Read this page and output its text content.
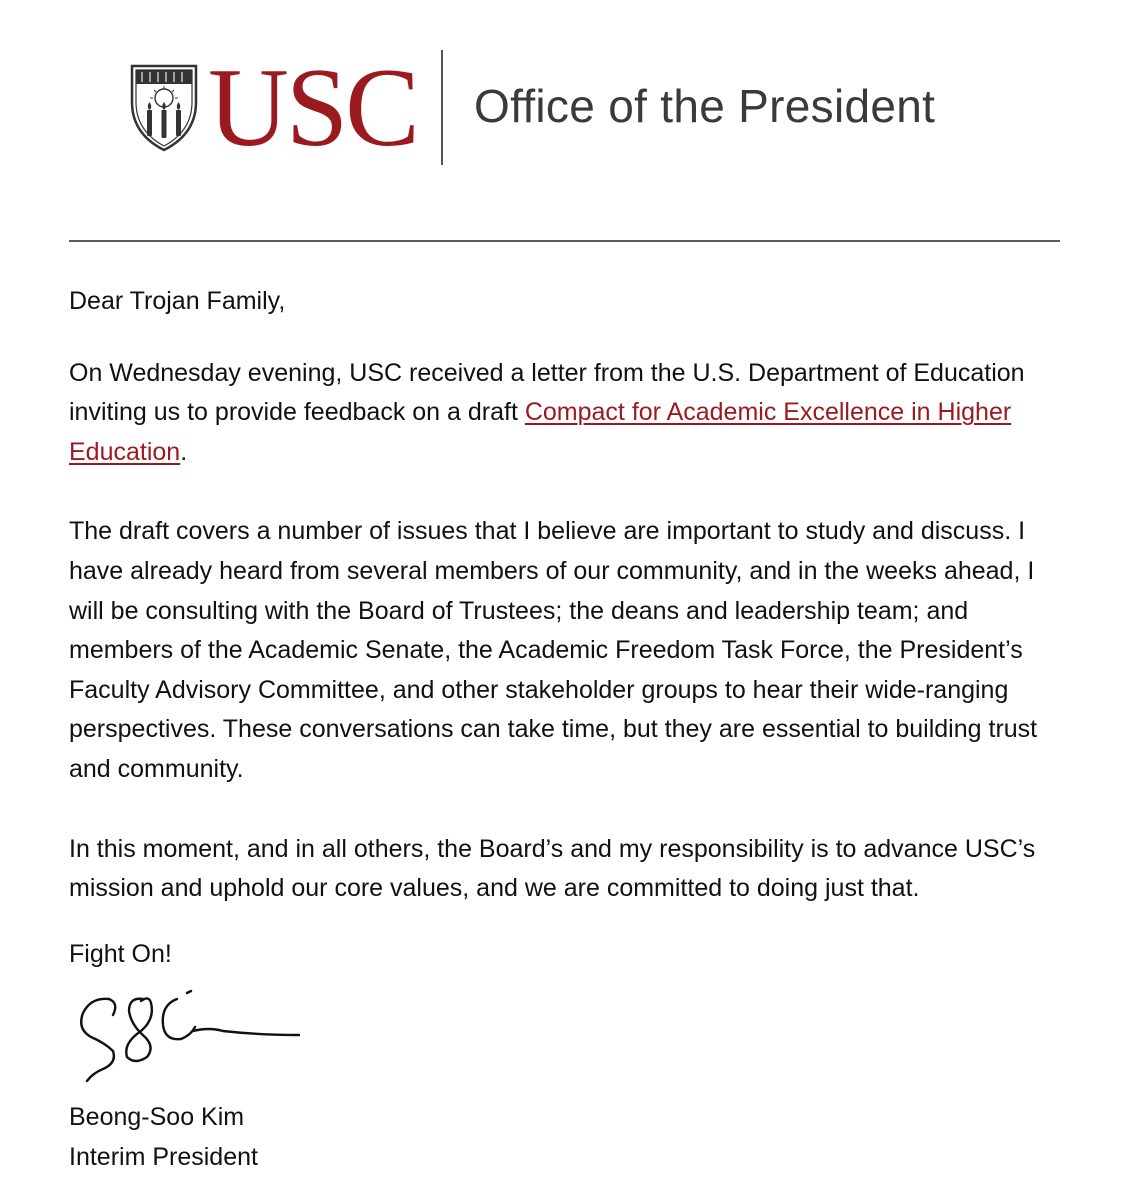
USC Office of the President

Dear Trojan Family,

On Wednesday evening, USC received a letter from the U.S. Department of Education inviting us to provide feedback on a draft Compact for Academic Excellence in Higher Education.

The draft covers a number of issues that I believe are important to study and discuss. I have already heard from several members of our community, and in the weeks ahead, I will be consulting with the Board of Trustees; the deans and leadership team; and members of the Academic Senate, the Academic Freedom Task Force, the President’s Faculty Advisory Committee, and other stakeholder groups to hear their wide-ranging perspectives. These conversations can take time, but they are essential to building trust and community.

In this moment, and in all others, the Board’s and my responsibility is to advance USC’s mission and uphold our core values, and we are committed to doing just that.

Fight On!

Beong-Soo Kim
Interim President
